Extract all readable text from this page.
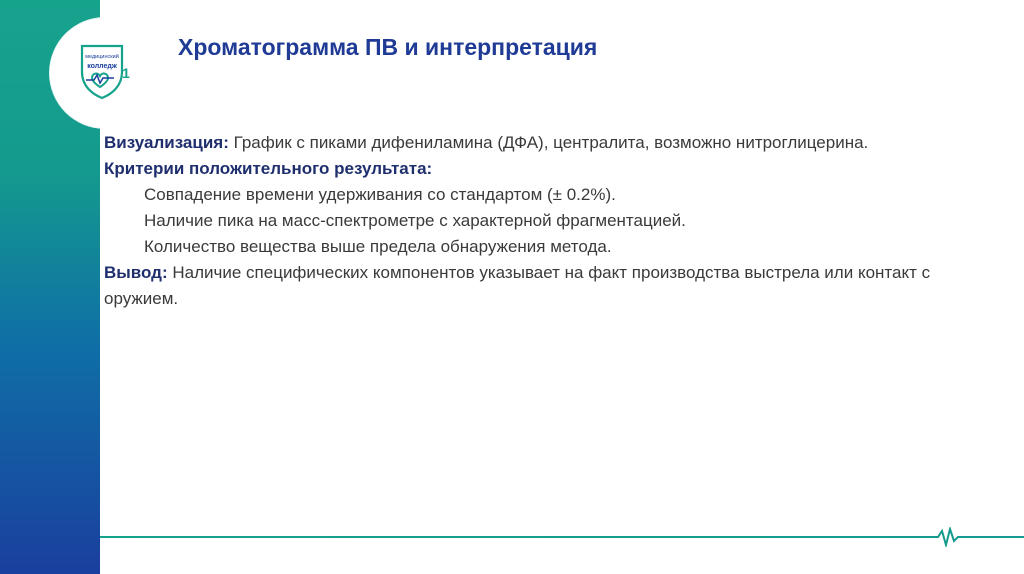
медицинский
колледж 1
Хроматограмма ПВ и интерпретация

Визуализация: График с пиками дифениламина (ДФА), централита, возможно нитроглицерина.

Критерии положительного результата:

Совпадение времени удерживания со стандартом (± 0.2%).

Наличие пика на масс-спектрометре с характерной фрагментацией.

Количество вещества выше предела обнаружения метода.

Вывод: Наличие специфических компонентов указывает на факт производства выстрела или контакт с оружием.
